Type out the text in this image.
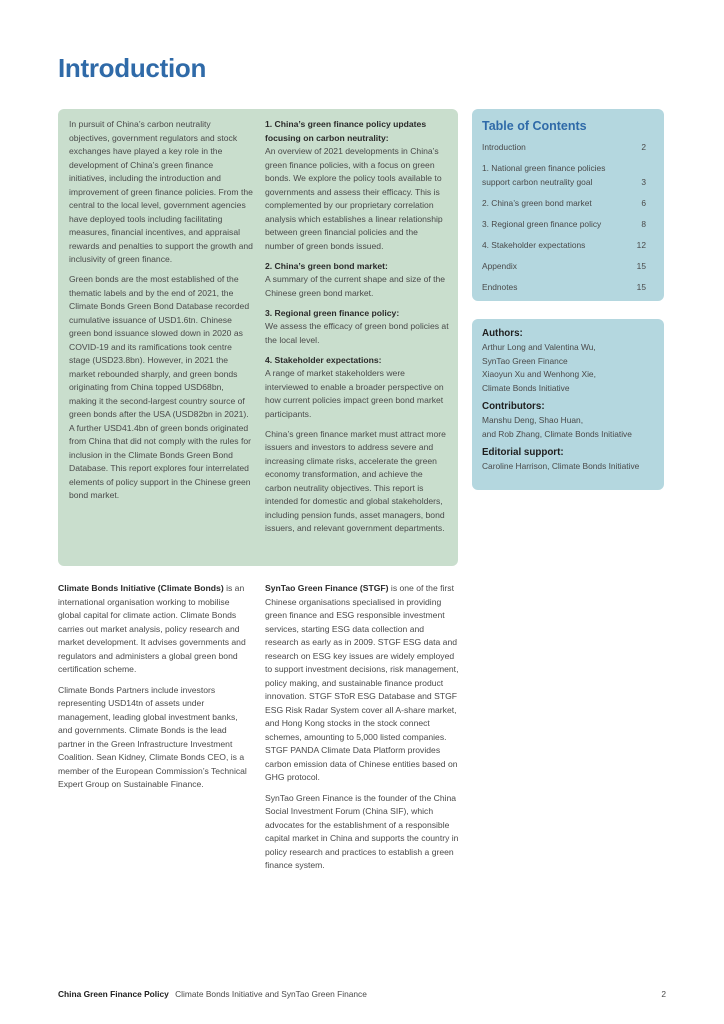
Introduction

In pursuit of China’s carbon neutrality objectives, government regulators and stock exchanges have played a key role in the development of China’s green finance initiatives, including the introduction and improvement of green finance policies. From the central to the local level, government agencies have deployed tools including facilitating measures, financial incentives, and appraisal rewards and penalties to support the growth and inclusivity of green finance.

Green bonds are the most established of the thematic labels and by the end of 2021, the Climate Bonds Green Bond Database recorded cumulative issuance of USD1.6tn. Chinese green bond issuance slowed down in 2020 as COVID-19 and its ramifications took centre stage (USD23.8bn). However, in 2021 the market rebounded sharply, and green bonds originating from China topped USD68bn, making it the second-largest country source of green bonds after the USA (USD82bn in 2021). A further USD41.4bn of green bonds originated from China that did not comply with the rules for inclusion in the Climate Bonds Green Bond Database. This report explores four interrelated elements of policy support in the Chinese green bond market.

1. China’s green finance policy updates focusing on carbon neutrality:
An overview of 2021 developments in China’s green finance policies, with a focus on green bonds. We explore the policy tools available to governments and assess their efficacy. This is complemented by our proprietary correlation analysis which establishes a linear relationship between green financial policies and the number of green bonds issued.
2. China’s green bond market:
A summary of the current shape and size of the Chinese green bond market.
3. Regional green finance policy:
We assess the efficacy of green bond policies at the local level.
4. Stakeholder expectations:
A range of market stakeholders were interviewed to enable a broader perspective on how current policies impact green bond market participants.

China’s green finance market must attract more issuers and investors to address severe and increasing climate risks, accelerate the green economy transformation, and achieve the carbon neutrality objectives. This report is intended for domestic and global stakeholders, including pension funds, asset managers, bond issuers, and relevant government departments.

Table of Contents
Introduction	2
1. National green finance policies support carbon neutrality goal	3
2. China’s green bond market	6
3. Regional green finance policy	8
4. Stakeholder expectations	12
Appendix	15
Endnotes	15
Authors:
Arthur Long and Valentina Wu,
SynTao Green Finance
Xiaoyun Xu and Wenhong Xie,
Climate Bonds Initiative
Contributors:
Manshu Deng, Shao Huan,
and Rob Zhang, Climate Bonds Initiative
Editorial support:
Caroline Harrison, Climate Bonds Initiative

Climate Bonds Initiative (Climate Bonds) is an international organisation working to mobilise global capital for climate action. Climate Bonds carries out market analysis, policy research and market development. It advises governments and regulators and administers a global green bond certification scheme.

Climate Bonds Partners include investors representing USD14tn of assets under management, leading global investment banks, and governments. Climate Bonds is the lead partner in the Green Infrastructure Investment Coalition. Sean Kidney, Climate Bonds CEO, is a member of the European Commission’s Technical Expert Group on Sustainable Finance.

SynTao Green Finance (STGF) is one of the first Chinese organisations specialised in providing green finance and ESG responsible investment services, starting ESG data collection and research as early as in 2009. STGF ESG data and research on ESG key issues are widely employed to support investment decisions, risk management, policy making, and sustainable finance product innovation. STGF SToR ESG Database and STGF ESG Risk Radar System cover all A-share market, and Hong Kong stocks in the stock connect schemes, amounting to 5,000 listed companies. STGF PANDA Climate Data Platform provides carbon emission data of Chinese entities based on GHG protocol.

SynTao Green Finance is the founder of the China Social Investment Forum (China SIF), which advocates for the establishment of a responsible capital market in China and supports the country in policy research and practices to establish a green finance system.

China Green Finance Policy Climate Bonds Initiative and SynTao Green Finance	2
